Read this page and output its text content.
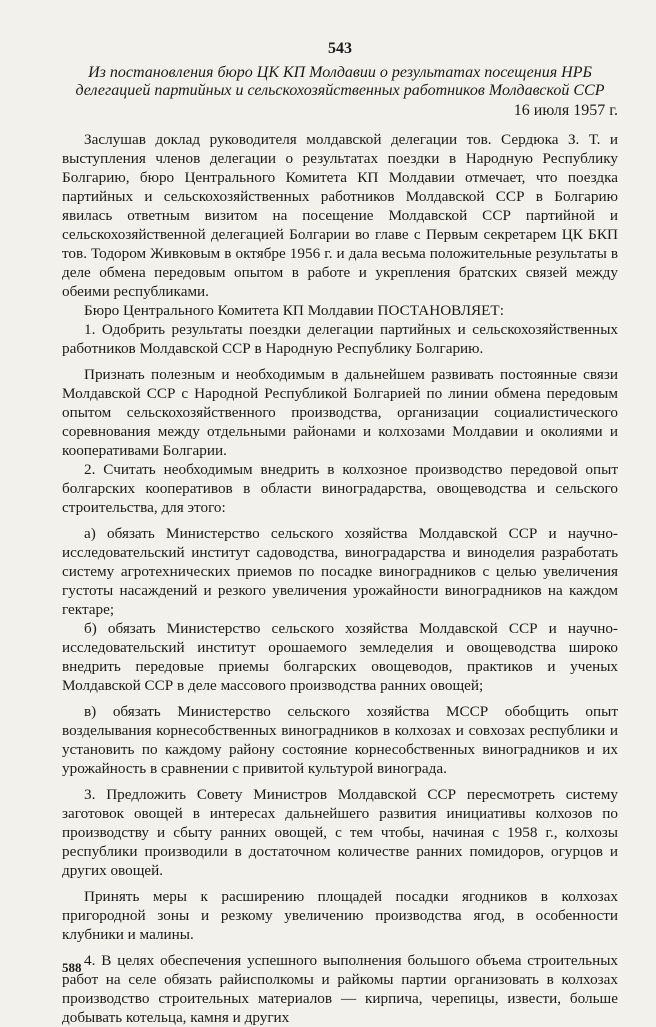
543
Из постановления бюро ЦК КП Молдавии о результатах посещения НРБ делегацией партийных и сельскохозяйственных работников Молдавской ССР
16 июля 1957 г.

Заслушав доклад руководителя молдавской делегации тов. Сердюка З. Т. и выступления членов делегации о результатах поездки в Народную Республику Болгарию, бюро Центрального Комитета КП Молдавии отмечает, что поездка партийных и сельскохозяйственных работников Молдавской ССР в Болгарию явилась ответным визитом на посещение Молдавской ССР партийной и сельскохозяйственной делегацией Болгарии во главе с Первым секретарем ЦК БКП тов. Тодором Живковым в октябре 1956 г. и дала весьма положительные результаты в деле обмена передовым опытом в работе и укрепления братских связей между обеими республиками.

Бюро Центрального Комитета КП Молдавии ПОСТАНОВЛЯЕТ:

1. Одобрить результаты поездки делегации партийных и сельскохозяйственных работников Молдавской ССР в Народную Республику Болгарию.

Признать полезным и необходимым в дальнейшем развивать постоянные связи Молдавской ССР с Народной Республикой Болгарией по линии обмена передовым опытом сельскохозяйственного производства, организации социалистического соревнования между отдельными районами и колхозами Молдавии и околиями и кооперативами Болгарии.

2. Считать необходимым внедрить в колхозное производство передовой опыт болгарских кооперативов в области виноградарства, овощеводства и сельского строительства, для этого:

а) обязать Министерство сельского хозяйства Молдавской ССР и научно-исследовательский институт садоводства, виноградарства и виноделия разработать систему агротехнических приемов по посадке виноградников с целью увеличения густоты насаждений и резкого увеличения урожайности виноградников на каждом гектаре;

б) обязать Министерство сельского хозяйства Молдавской ССР и научно-исследовательский институт орошаемого земледелия и овощеводства широко внедрить передовые приемы болгарских овощеводов, практиков и ученых Молдавской ССР в деле массового производства ранних овощей;

в) обязать Министерство сельского хозяйства МССР обобщить опыт возделывания корнесобственных виноградников в колхозах и совхозах республики и установить по каждому району состояние корнесобственных виноградников и их урожайность в сравнении с привитой культурой винограда.

3. Предложить Совету Министров Молдавской ССР пересмотреть систему заготовок овощей в интересах дальнейшего развития инициативы колхозов по производству и сбыту ранних овощей, с тем чтобы, начиная с 1958 г., колхозы республики производили в достаточном количестве ранних помидоров, огурцов и других овощей.

Принять меры к расширению площадей посадки ягодников в колхозах пригородной зоны и резкому увеличению производства ягод, в особенности клубники и малины.

4. В целях обеспечения успешного выполнения большого объема строительных работ на селе обязать райисполкомы и райкомы партии организовать в колхозах производство строительных материалов — кирпича, черепицы, извести, больше добывать котельца, камня и других

588
